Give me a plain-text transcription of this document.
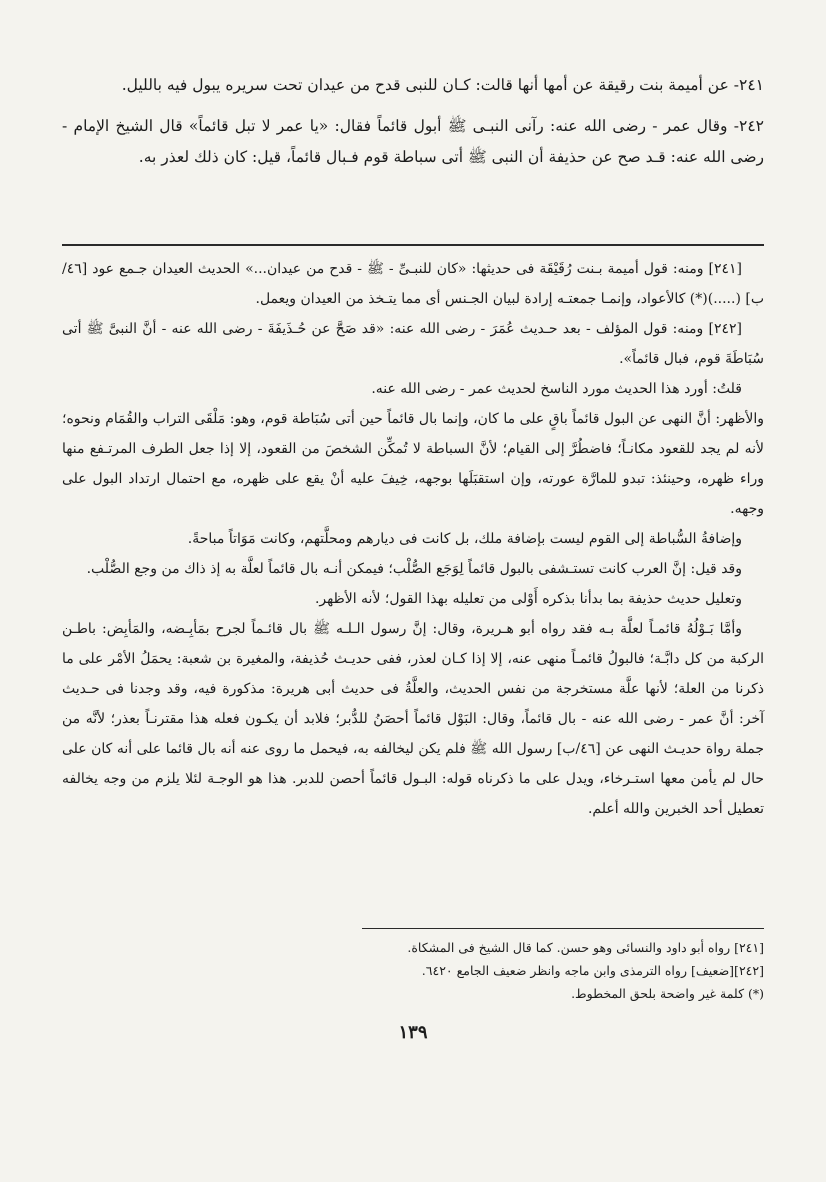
٢٤١- عن أميمة بنت رقيقة عن أمها أنها قالت: كـان للنبى قدح من عيدان تحت سريره يبول فيه بالليل.

٢٤٢- وقال عمر - رضى الله عنه: رآنى النبـى ﷺ أبول قائماً فقال: «يا عمر لا تبل قائماً» قال الشيخ الإمام - رضى الله عنه: قـد صح عن حذيفة أن النبى ﷺ أتى سباطة قوم فـبال قائماً، قيل: كان ذلك لعذر به.

[٢٤١] ومنه: قول أميمة بـنت رُقَيْقَة فى حديثها: «كان للنبـىِّ - ﷺ - قدح من عيدان...» الحديث العيدان جـمع عود [٤٦/ب] (.....)(*) كالأعواد، وإنمـا جمعتـه إرادة لبيان الجـنس أى مما يتـخذ من العيدان ويعمل.

[٢٤٢] ومنه: قول المؤلف - بعد حـديث عُمَرَ - رضى الله عنه: «قد صَحَّ عن حُـذَيفَةَ - رضى الله عنه - أنَّ النبىَّ ﷺ أتى سُبَاطَةَ قوم، فبال قائماً».

قلتُ: أورد هذا الحديث مورد الناسخ لحديث عمر - رضى الله عنه.

والأظهر: أنَّ النهى عن البول قائماً باقٍ على ما كان، وإنما بال قائماً حين أتى سُبَاطة قوم، وهو: مَلْقَى التراب والقُمَام ونحوه؛ لأنه لم يجد للقعود مكانـاً؛ فاضطُرَّ إلى القيام؛ لأنَّ السباطة لا تُمكِّن الشخصَ من القعود، إلا إذا جعل الطرف المرتـفع منها وراء ظهره، وحينئذ: تبدو للمارَّة عورته، وإن استقبَلَها بوجهه، خِيفَ عليه أنْ يقع على ظهره، مع احتمال ارتداد البول على وجهه.

وإضافةُ السُّباطة إلى القوم ليست بإضافة ملك، بل كانت فى ديارهم ومحلَّتهم، وكانت مَوَاتاً مباحةً.

وقد قيل: إنَّ العرب كانت تستـشفى بالبول قائماً لِوَجَع الصُّلْب؛ فيمكن أنـه بال قائماً لعلَّة به إذ ذاك من وجع الصُّلْب.

وتعليل حديث حذيفة بما بدأنا بذكره أَوْلى من تعليله بهذا القول؛ لأنه الأظهر.

وأمَّا بَـوْلُهُ قائمـاً لعلَّة بـه فقد رواه أبو هـريرة، وقال: إنَّ رسول الـلـه ﷺ بال قائـماً لجرح بمَأبِـضه، والمَأبِض: باطـن الركبة من كل دابَّـة؛ فالبولُ قائمـاً منهى عنه، إلا إذا كـان لعذر، ففى حديـث حُذيفة، والمغيرة بن شعبة: يحمَلُ الأمْر على ما ذكرنا من العلة؛ لأنها علَّة مستخرجة من نفس الحديث، والعلَّةُ فى حديث أبى هريرة: مذكورة فيه، وقد وجدنا فى حـديث آخر: أنَّ عمر - رضى الله عنه - بال قائماً، وقال: البَوْل قائماً أحصَنُ للدُّبر؛ فلابد أن يكـون فعله هذا مقترنـاً بعذر؛ لأنَّه من جملة رواة حديـث النهى عن [٤٦/ب] رسول الله ﷺ فلم يكن ليخالفه به، فيحمل ما روى عنه أنه بال قائما على أنه كان على حال لم يأمن معها استـرخاء، ويدل على ما ذكرناه قوله: البـول قائماً أحصن للدبر. هذا هو الوجـة لئلا يلزم من وجه يخالفه تعطيل أحد الخبرين والله أعلم.

[٢٤١] رواه أبو داود والنسائى وهو حسن. كما قال الشيخ فى المشكاة.

[٢٤٢][ضعيف] رواه الترمذى وابن ماجه وانظر ضعيف الجامع ٦٤٢٠.

(*) كلمة غير واضحة بلحق المخطوط.

١٣٩
